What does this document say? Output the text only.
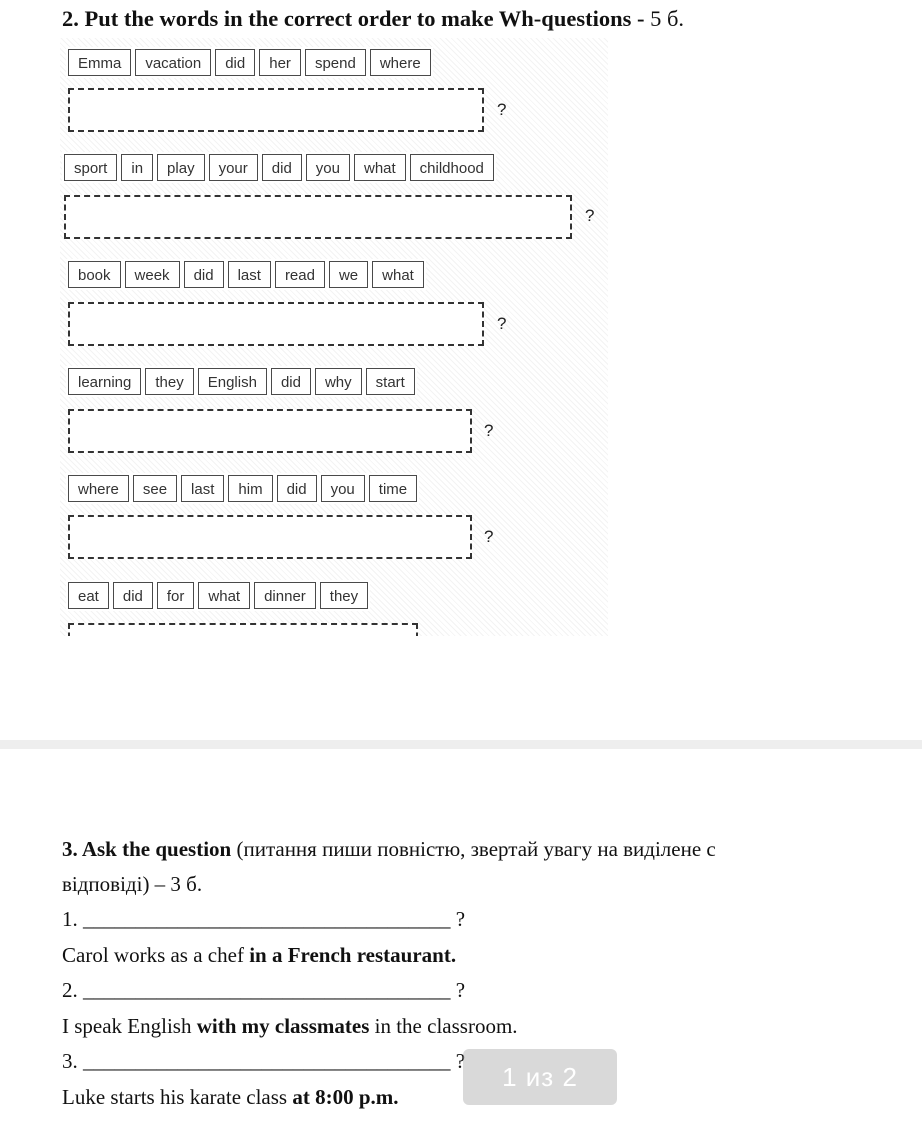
2. Put the words in the correct order to make Wh-questions - 5 б.
Emma	vacation	did	her	spend	where
?
sport	in	play	your	did	you	what	childhood
?
book	week	did	last	read	we	what
?
learning	they	English	did	why	start
?
where	see	last	him	did	you	time
?
eat	did	for	what	dinner	they
3. Ask the question (питання пиши повністю, звертай увагу на виділене с
відповіді) – 3 б.
1. ___________________________________ ?
Carol works as a chef in a French restaurant.
2. ___________________________________ ?
I speak English with my classmates in the classroom.
3. ___________________________________ ?
Luke starts his karate class at 8:00 p.m.
1 из 2
